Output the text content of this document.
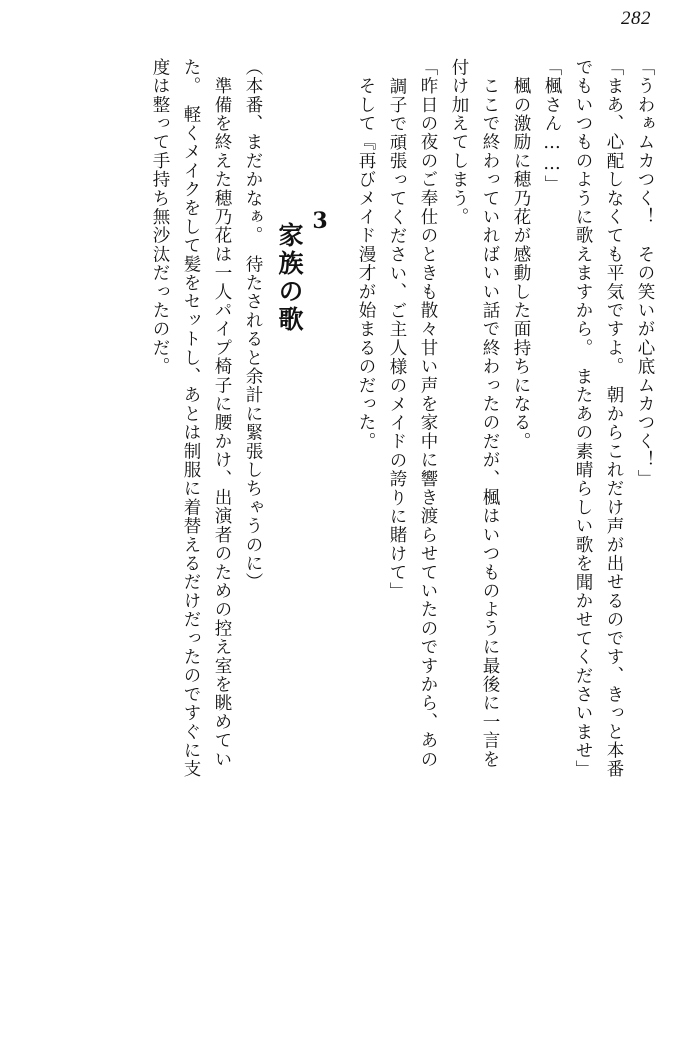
282
「うわぁムカつく！　その笑いが心底ムカつく！」
「まあ、心配しなくても平気ですよ。　朝からこれだけ声が出せるのです、きっと本番
でもいつものように歌えますから。　またあの素晴らしい歌を聞かせてくださいませ」
「楓さん……」
　楓の激励に穂乃花が感動した面持ちになる。
　ここで終わっていればいい話で終わったのだが、楓はいつものように最後に一言を
付け加えてしまう。
「昨日の夜のご奉仕のときも散々甘い声を家中に響き渡らせていたのですから、あの
調子で頑張ってください、ご主人様のメイドの誇りに賭けて」
　そして『再びメイド漫才が始まるのだった。
3
家族の歌
（本番、まだかなぁ。　待たされると余計に緊張しちゃうのに）
　準備を終えた穂乃花は一人パイプ椅子に腰かけ、出演者のための控え室を眺めてい
た。　軽くメイクをして髪をセットし、あとは制服に着替えるだけだったのですぐに支
度は整って手持ち無沙汰だったのだ。
